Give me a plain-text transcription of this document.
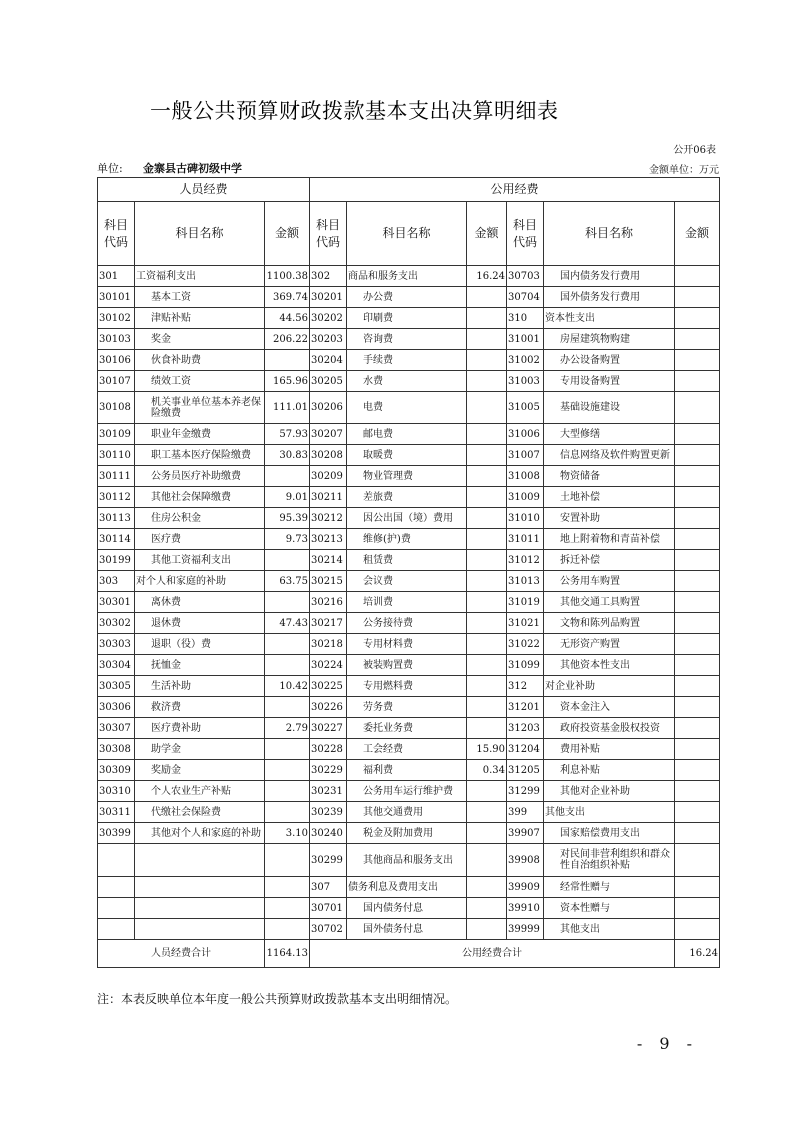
一般公共预算财政拨款基本支出决算明细表
公开06表
单位: 金寨县古碑初级中学	金额单位：万元
人员经费			公用经费					
科目代码	科目名称	金额	科目代码	科目名称	金额	科目代码	科目名称	金额
301	工资福利支出	1100.38	302	商品和服务支出	16.24	30703	国内债务发行费用	
30101	基本工资	369.74	30201	办公费		30704	国外债务发行费用	
30102	津贴补贴	44.56	30202	印刷费		310	资本性支出	
30103	奖金	206.22	30203	咨询费		31001	房屋建筑物购建	
30106	伙食补助费		30204	手续费		31002	办公设备购置	
30107	绩效工资	165.96	30205	水费		31003	专用设备购置	
30108	机关事业单位基本养老保险缴费	111.01	30206	电费		31005	基础设施建设	
30109	职业年金缴费	57.93	30207	邮电费		31006	大型修缮	
30110	职工基本医疗保险缴费	30.83	30208	取暖费		31007	信息网络及软件购置更新	
30111	公务员医疗补助缴费		30209	物业管理费		31008	物资储备	
30112	其他社会保障缴费	9.01	30211	差旅费		31009	土地补偿	
30113	住房公积金	95.39	30212	因公出国（境）费用		31010	安置补助	
30114	医疗费	9.73	30213	维修(护)费		31011	地上附着物和青苗补偿	
30199	其他工资福利支出		30214	租赁费		31012	拆迁补偿	
303	对个人和家庭的补助	63.75	30215	会议费		31013	公务用车购置	
30301	离休费		30216	培训费		31019	其他交通工具购置	
30302	退休费	47.43	30217	公务接待费		31021	文物和陈列品购置	
30303	退职（役）费		30218	专用材料费		31022	无形资产购置	
30304	抚恤金		30224	被装购置费		31099	其他资本性支出	
30305	生活补助	10.42	30225	专用燃料费		312	对企业补助	
30306	救济费		30226	劳务费		31201	资本金注入	
30307	医疗费补助	2.79	30227	委托业务费		31203	政府投资基金股权投资	
30308	助学金		30228	工会经费	15.90	31204	费用补贴	
30309	奖励金		30229	福利费	0.34	31205	利息补贴	
30310	个人农业生产补贴		30231	公务用车运行维护费		31299	其他对企业补助	
30311	代缴社会保险费		30239	其他交通费用		399	其他支出	
30399	其他对个人和家庭的补助	3.10	30240	税金及附加费用		39907	国家赔偿费用支出	
			30299	其他商品和服务支出		39908	对民间非营利组织和群众性自治组织补贴	
			307	债务利息及费用支出		39909	经常性赠与	
			30701	国内债务付息		39910	资本性赠与	
			30702	国外债务付息		39999	其他支出	
人员经费合计		1164.13	公用经费合计					16.24
注：本表反映单位本年度一般公共预算财政拨款基本支出明细情况。
- 9 -
